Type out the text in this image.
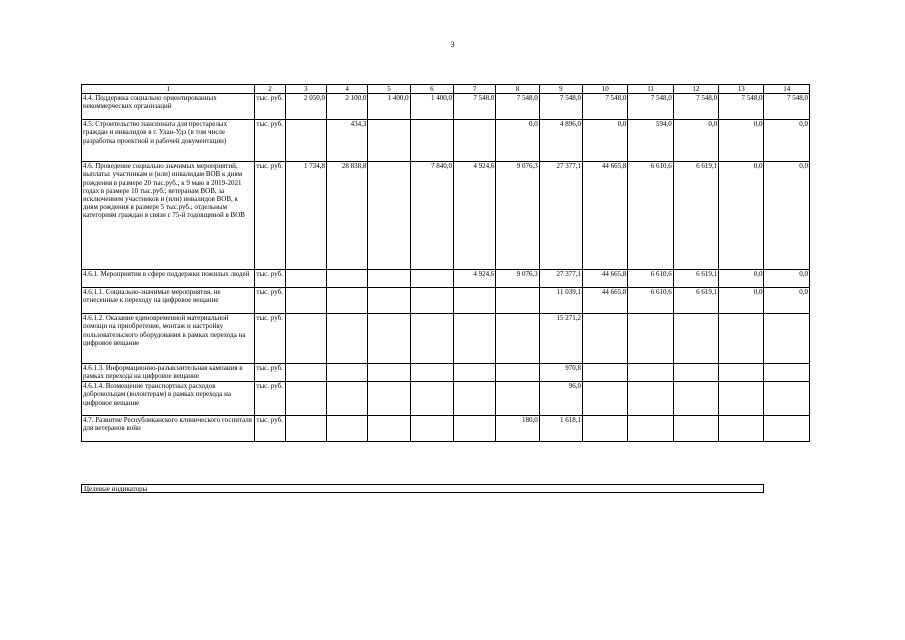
3
1	2	3	4	5	6	7	8	9	10	11	12	13	14
4.4. Поддержка социально ориентированных некоммерческих организаций	тыс. руб.	2 050,0	2 100,0	1 400,0	1 400,0	7 548,0	7 548,0	7 548,0	7 548,0	7 548,0	7 548,0	7 548,0	7 548,0
4.5. Строительство пансионата для престарелых граждан и инвалидов в г. Улан-Удэ (в том числе разработка проектной и рабочей документации)	тыс. руб.		434,3				0,0	4 896,0	0,0	594,0	0,0	0,0	0,0
4.6. Проведение социально значимых мероприятий, выплаты: участникам и (или) инвалидам ВОВ к дням рождения в размере 20 тыс.руб.; к 9 маю в 2019-2021 годах в размере 10 тыс.руб.; ветеранам ВОВ, за исключением участников и (или) инвалидов ВОВ, к дням рождения в размере 5 тыс.руб.; отдельным категориям граждан в связи с 75-й годовщиной в ВОВ	тыс. руб.	1 734,8	28 838,8		7 840,0	4 924,6	9 076,3	27 377,1	44 665,8	6 610,6	6 619,1	0,0	0,0
4.6.1. Мероприятия в сфере поддержки пожилых людей	тыс. руб.					4 924,6	9 076,3	27 377,1	44 665,8	6 610,6	6 619,1	0,0	0,0
4.6.1.1. Социально-значимые мероприятия, не отнесенные к переходу на цифровое вещание	тыс. руб.							11 039,1	44 665,8	6 610,6	6 619,1	0,0	0,0
4.6.1.2. Оказание единовременной материальной помощи на приобретение, монтаж и настройку пользовательского оборудования в рамках перехода на цифровое вещание	тыс. руб.							15 271,2					
4.6.1.3. Информационно-разъяснительная кампания в рамках перехода на цифровое вещание	тыс. руб.							970,8					
4.6.1.4. Возмещение транспортных расходов добровольцам (волонтерам) в рамках перехода на цифровое вещание	тыс. руб.							96,0					
4.7. Развитие Республиканского клинического госпиталя для ветеранов войн	тыс. руб.						180,0	1 618,1					
Целевые индикаторы
